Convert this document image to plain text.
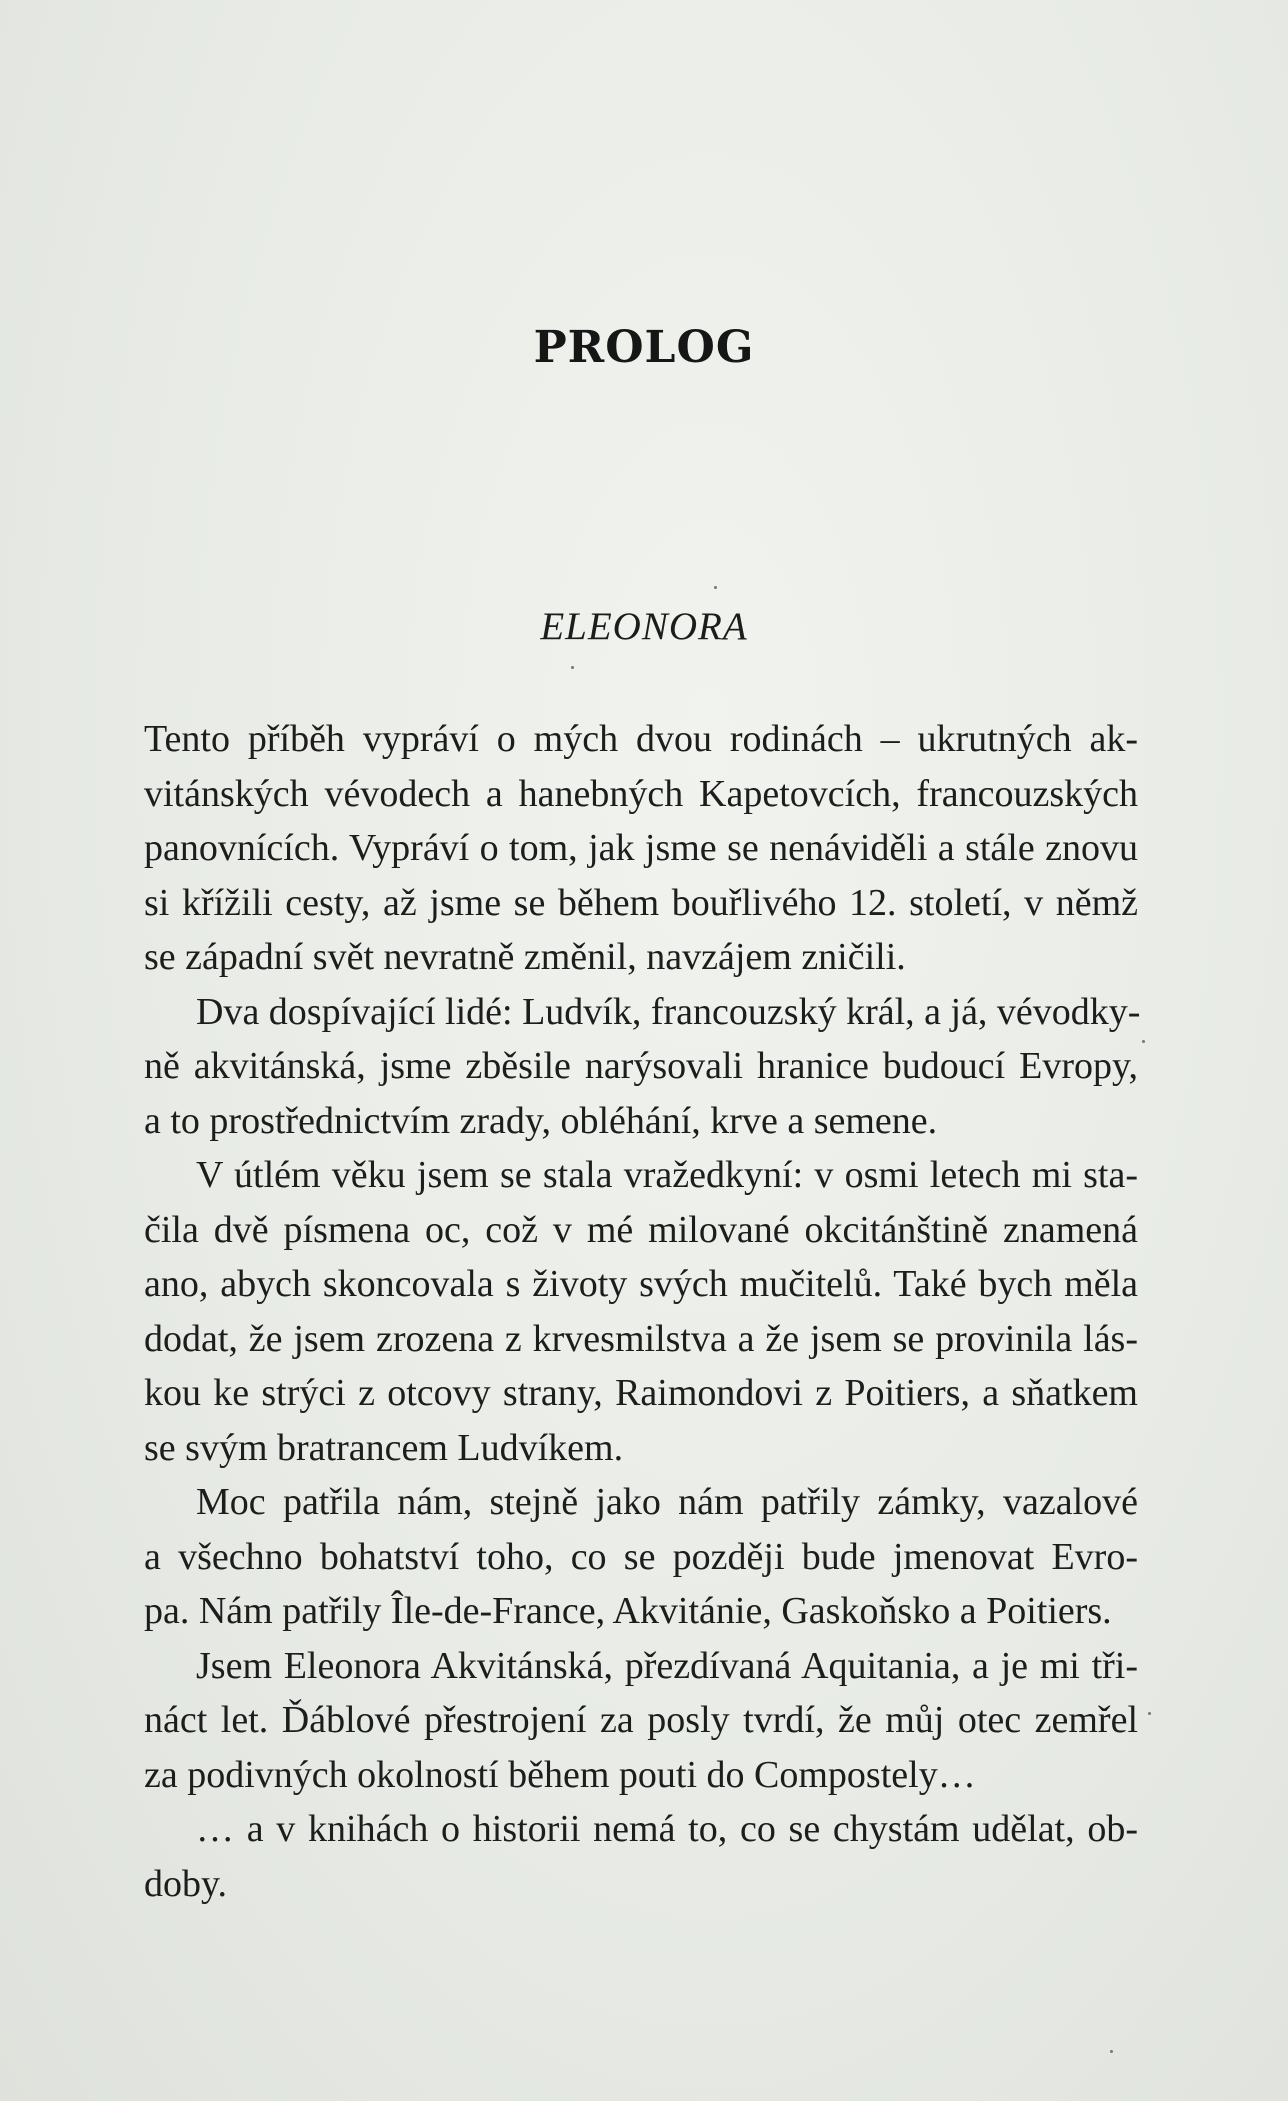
PROLOG
ELEONORA
Tento příběh vypráví o mých dvou rodinách – ukrutných ak-
vitánských vévodech a hanebných Kapetovcích, francouzských
panovnících. Vypráví o tom, jak jsme se nenáviděli a stále znovu
si křížili cesty, až jsme se během bouřlivého 12. století, v němž
se západní svět nevratně změnil, navzájem zničili.
Dva dospívající lidé: Ludvík, francouzský král, a já, vévodky-
ně akvitánská, jsme zběsile narýsovali hranice budoucí Evropy,
a to prostřednictvím zrady, obléhání, krve a semene.
V útlém věku jsem se stala vražedkyní: v osmi letech mi sta-
čila dvě písmena oc, což v mé milované okcitánštině znamená
ano, abych skoncovala s životy svých mučitelů. Také bych měla
dodat, že jsem zrozena z krvesmilstva a že jsem se provinila lás-
kou ke strýci z otcovy strany, Raimondovi z Poitiers, a sňatkem
se svým bratrancem Ludvíkem.
Moc patřila nám, stejně jako nám patřily zámky, vazalové
a všechno bohatství toho, co se později bude jmenovat Evro-
pa. Nám patřily Île-de-France, Akvitánie, Gaskoňsko a Poitiers.
Jsem Eleonora Akvitánská, přezdívaná Aquitania, a je mi tři-
náct let. Ďáblové přestrojení za posly tvrdí, že můj otec zemřel
za podivných okolností během pouti do Compostely…
… a v knihách o historii nemá to, co se chystám udělat, ob-
doby.
